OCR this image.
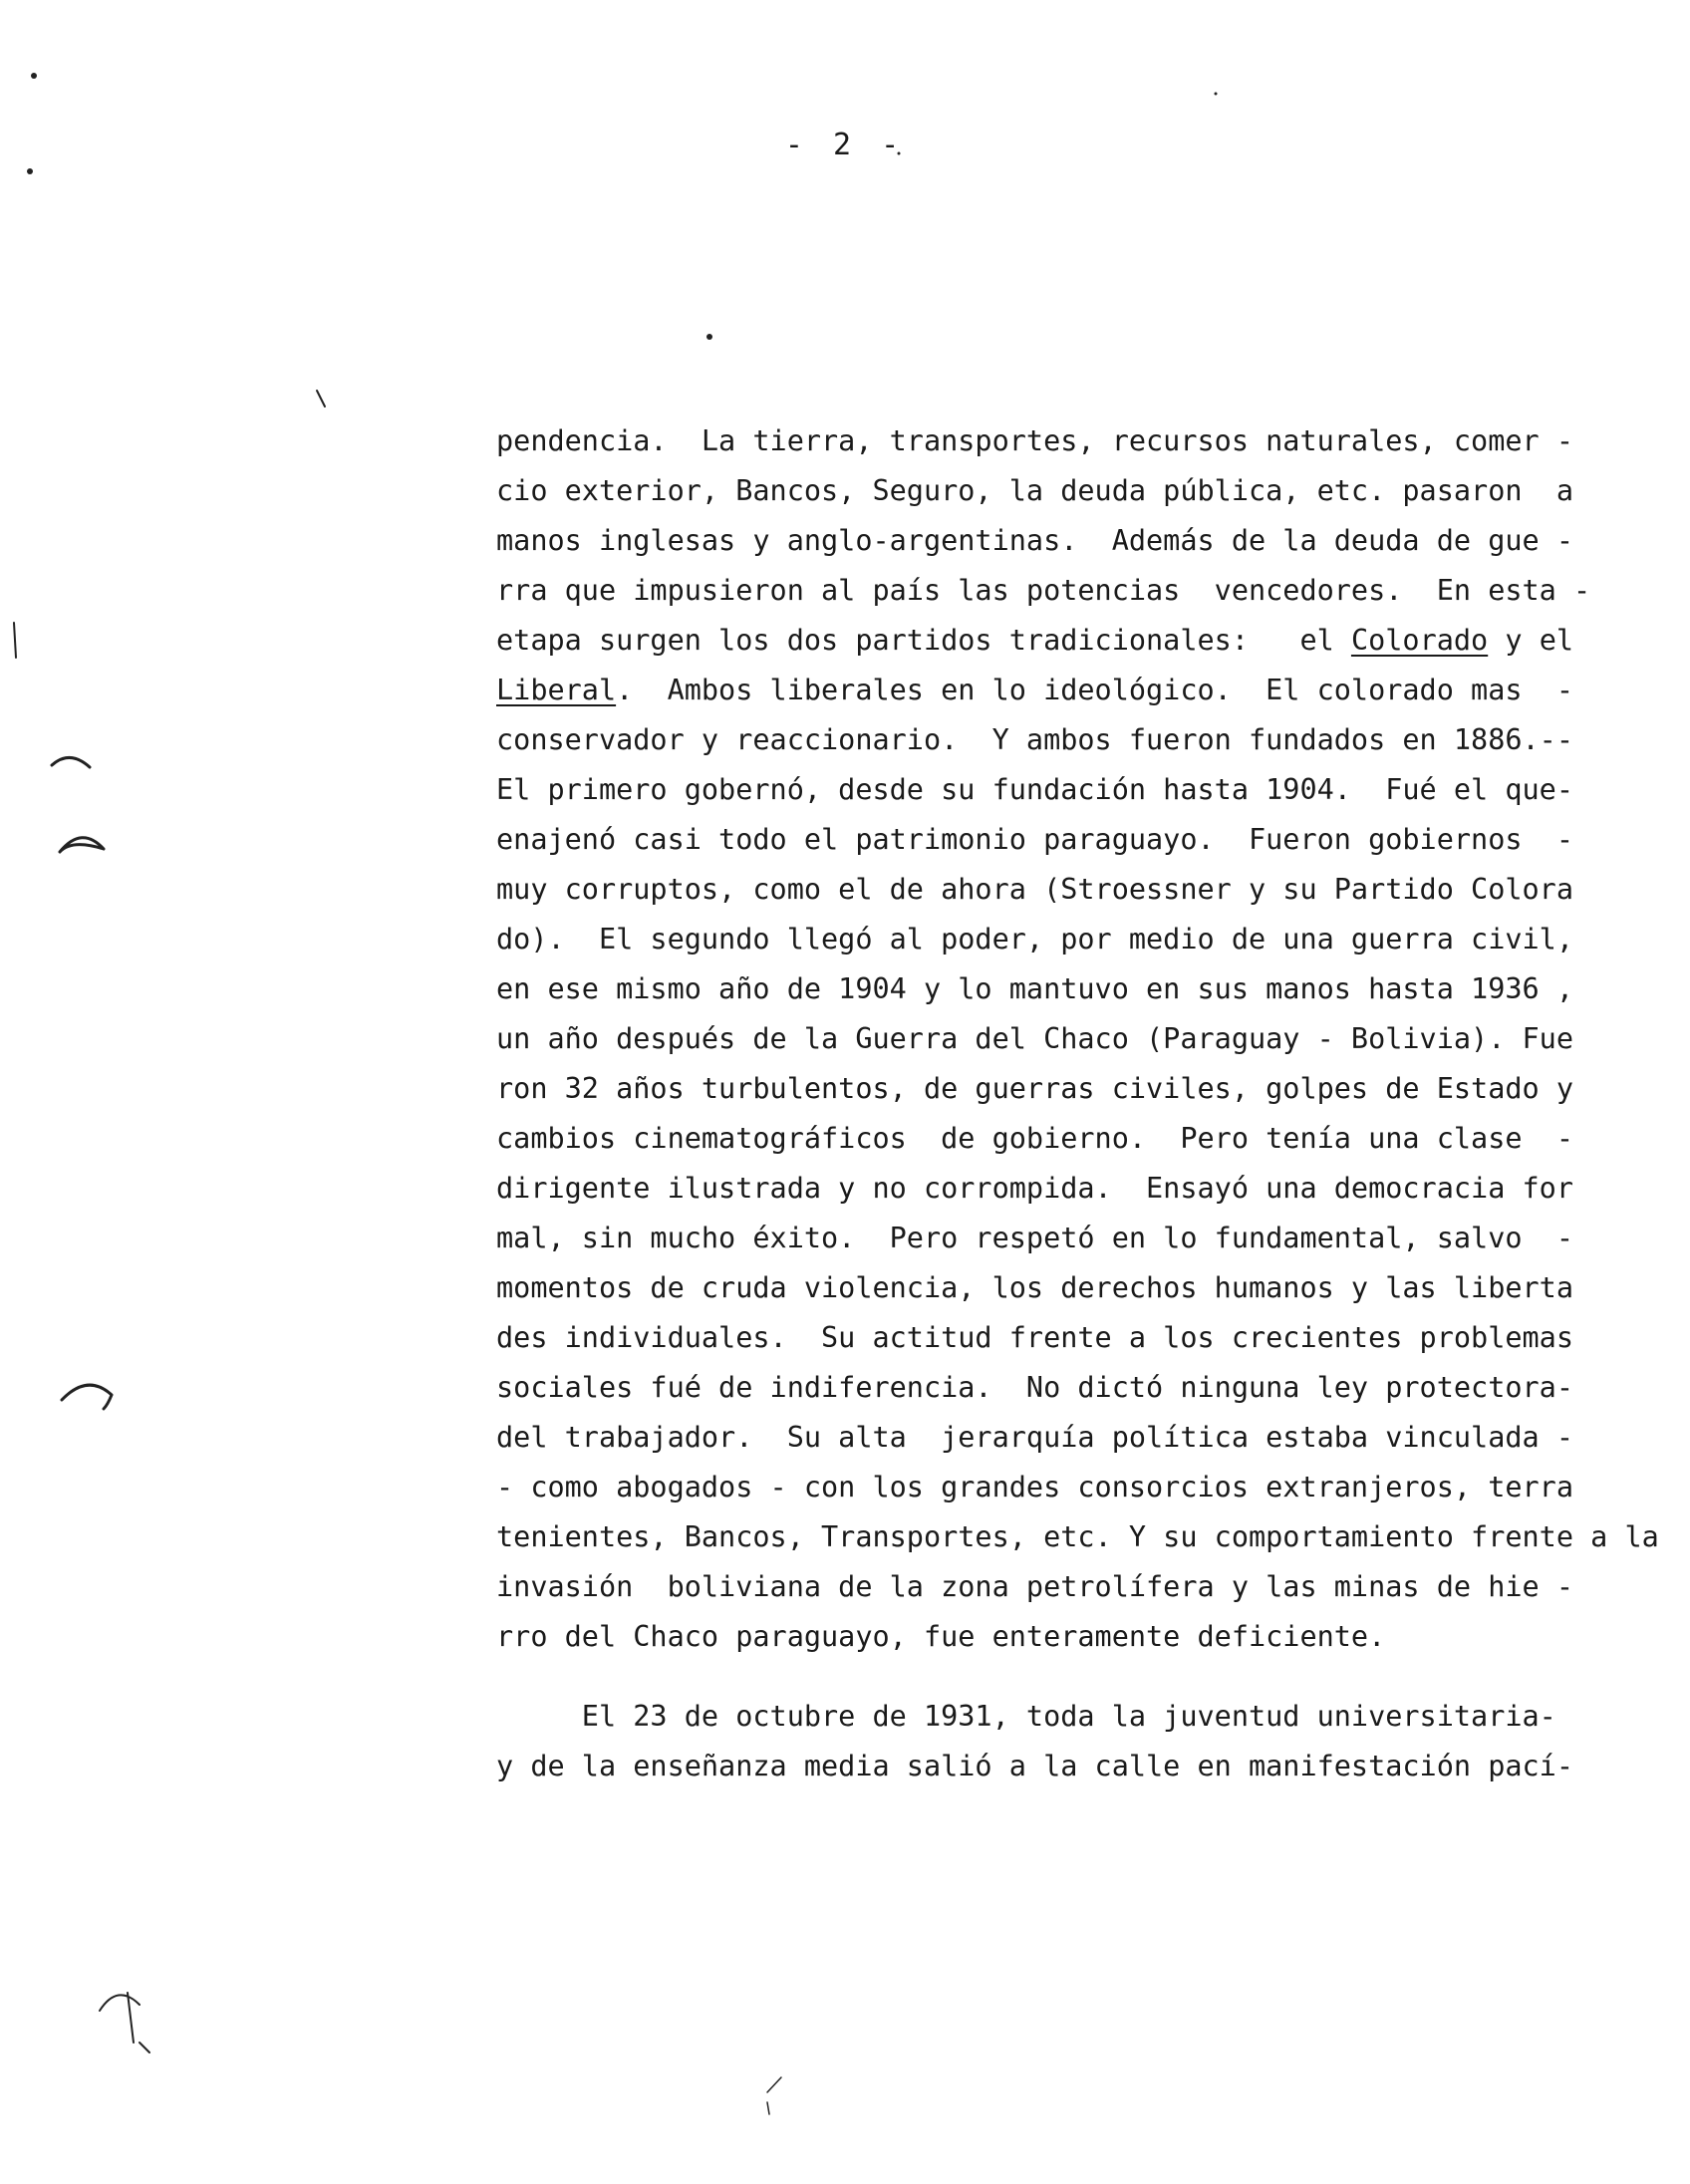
- 2 -
pendencia.  La tierra, transportes, recursos naturales, comer -
cio exterior, Bancos, Seguro, la deuda pública, etc. pasaron  a
manos inglesas y anglo-argentinas.  Además de la deuda de gue -
rra que impusieron al país las potencias  vencedores.  En esta -
etapa surgen los dos partidos tradicionales:   el Colorado y el
Liberal.  Ambos liberales en lo ideológico.  El colorado mas  -
conservador y reaccionario.  Y ambos fueron fundados en 1886.--
El primero gobernó, desde su fundación hasta 1904.  Fué el que-
enajenó casi todo el patrimonio paraguayo.  Fueron gobiernos  -
muy corruptos, como el de ahora (Stroessner y su Partido Colora
do).  El segundo llegó al poder, por medio de una guerra civil,
en ese mismo año de 1904 y lo mantuvo en sus manos hasta 1936 ,
un año después de la Guerra del Chaco (Paraguay - Bolivia). Fue
ron 32 años turbulentos, de guerras civiles, golpes de Estado y
cambios cinematográficos  de gobierno.  Pero tenía una clase  -
dirigente ilustrada y no corrompida.  Ensayó una democracia for
mal, sin mucho éxito.  Pero respetó en lo fundamental, salvo  -
momentos de cruda violencia, los derechos humanos y las liberta
des individuales.  Su actitud frente a los crecientes problemas
sociales fué de indiferencia.  No dictó ninguna ley protectora-
del trabajador.  Su alta  jerarquía política estaba vinculada -
- como abogados - con los grandes consorcios extranjeros, terra
tenientes, Bancos, Transportes, etc. Y su comportamiento frente a la
invasión  boliviana de la zona petrolífera y las minas de hie -
rro del Chaco paraguayo, fue enteramente deficiente.
El 23 de octubre de 1931, toda la juventud universitaria-
y de la enseñanza media salió a la calle en manifestación pací-
